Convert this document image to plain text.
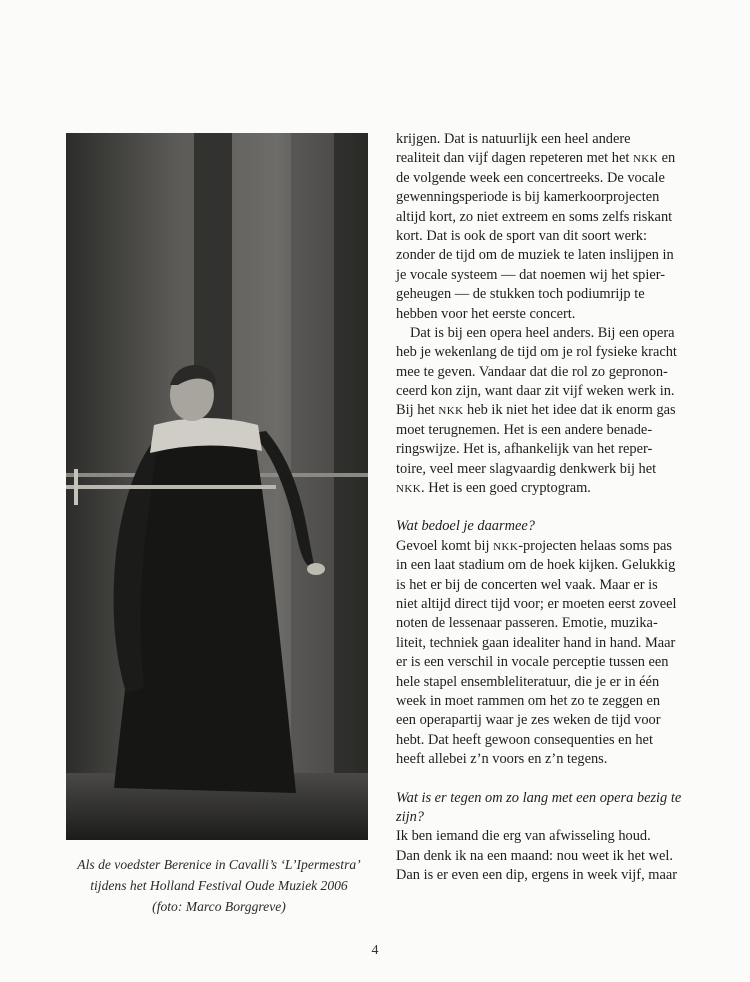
Als de voedster Berenice in Cavalli’s ‘L’Ipermestra’
tijdens het Holland Festival Oude Muziek 2006
(foto: Marco Borggreve)
krijgen. Dat is natuurlijk een heel andere
realiteit dan vijf dagen repeteren met het NKK en
de volgende week een concertreeks. De vocale
gewenningsperiode is bij kamerkoorprojecten
altijd kort, zo niet extreem en soms zelfs riskant
kort. Dat is ook de sport van dit soort werk:
zonder de tijd om de muziek te laten inslijpen in
je vocale systeem — dat noemen wij het spier-
geheugen — de stukken toch podiumrijp te
hebben voor het eerste concert.
Dat is bij een opera heel anders. Bij een opera
heb je wekenlang de tijd om je rol fysieke kracht
mee te geven. Vandaar dat die rol zo gepronon-
ceerd kon zijn, want daar zit vijf weken werk in.
Bij het NKK heb ik niet het idee dat ik enorm gas
moet terugnemen. Het is een andere benade-
ringswijze. Het is, afhankelijk van het reper-
toire, veel meer slagvaardig denkwerk bij het
NKK. Het is een goed cryptogram.
Wat bedoel je daarmee?
Gevoel komt bij NKK-projecten helaas soms pas
in een laat stadium om de hoek kijken. Gelukkig
is het er bij de concerten wel vaak. Maar er is
niet altijd direct tijd voor; er moeten eerst zoveel
noten de lessenaar passeren. Emotie, muzika-
liteit, techniek gaan idealiter hand in hand. Maar
er is een verschil in vocale perceptie tussen een
hele stapel ensembleliteratuur, die je er in één
week in moet rammen om het zo te zeggen en
een operapartij waar je zes weken de tijd voor
hebt. Dat heeft gewoon consequenties en het
heeft allebei z’n voors en z’n tegens.
Wat is er tegen om zo lang met een opera bezig te
zijn?
Ik ben iemand die erg van afwisseling houd.
Dan denk ik na een maand: nou weet ik het wel.
Dan is er even een dip, ergens in week vijf, maar
4
